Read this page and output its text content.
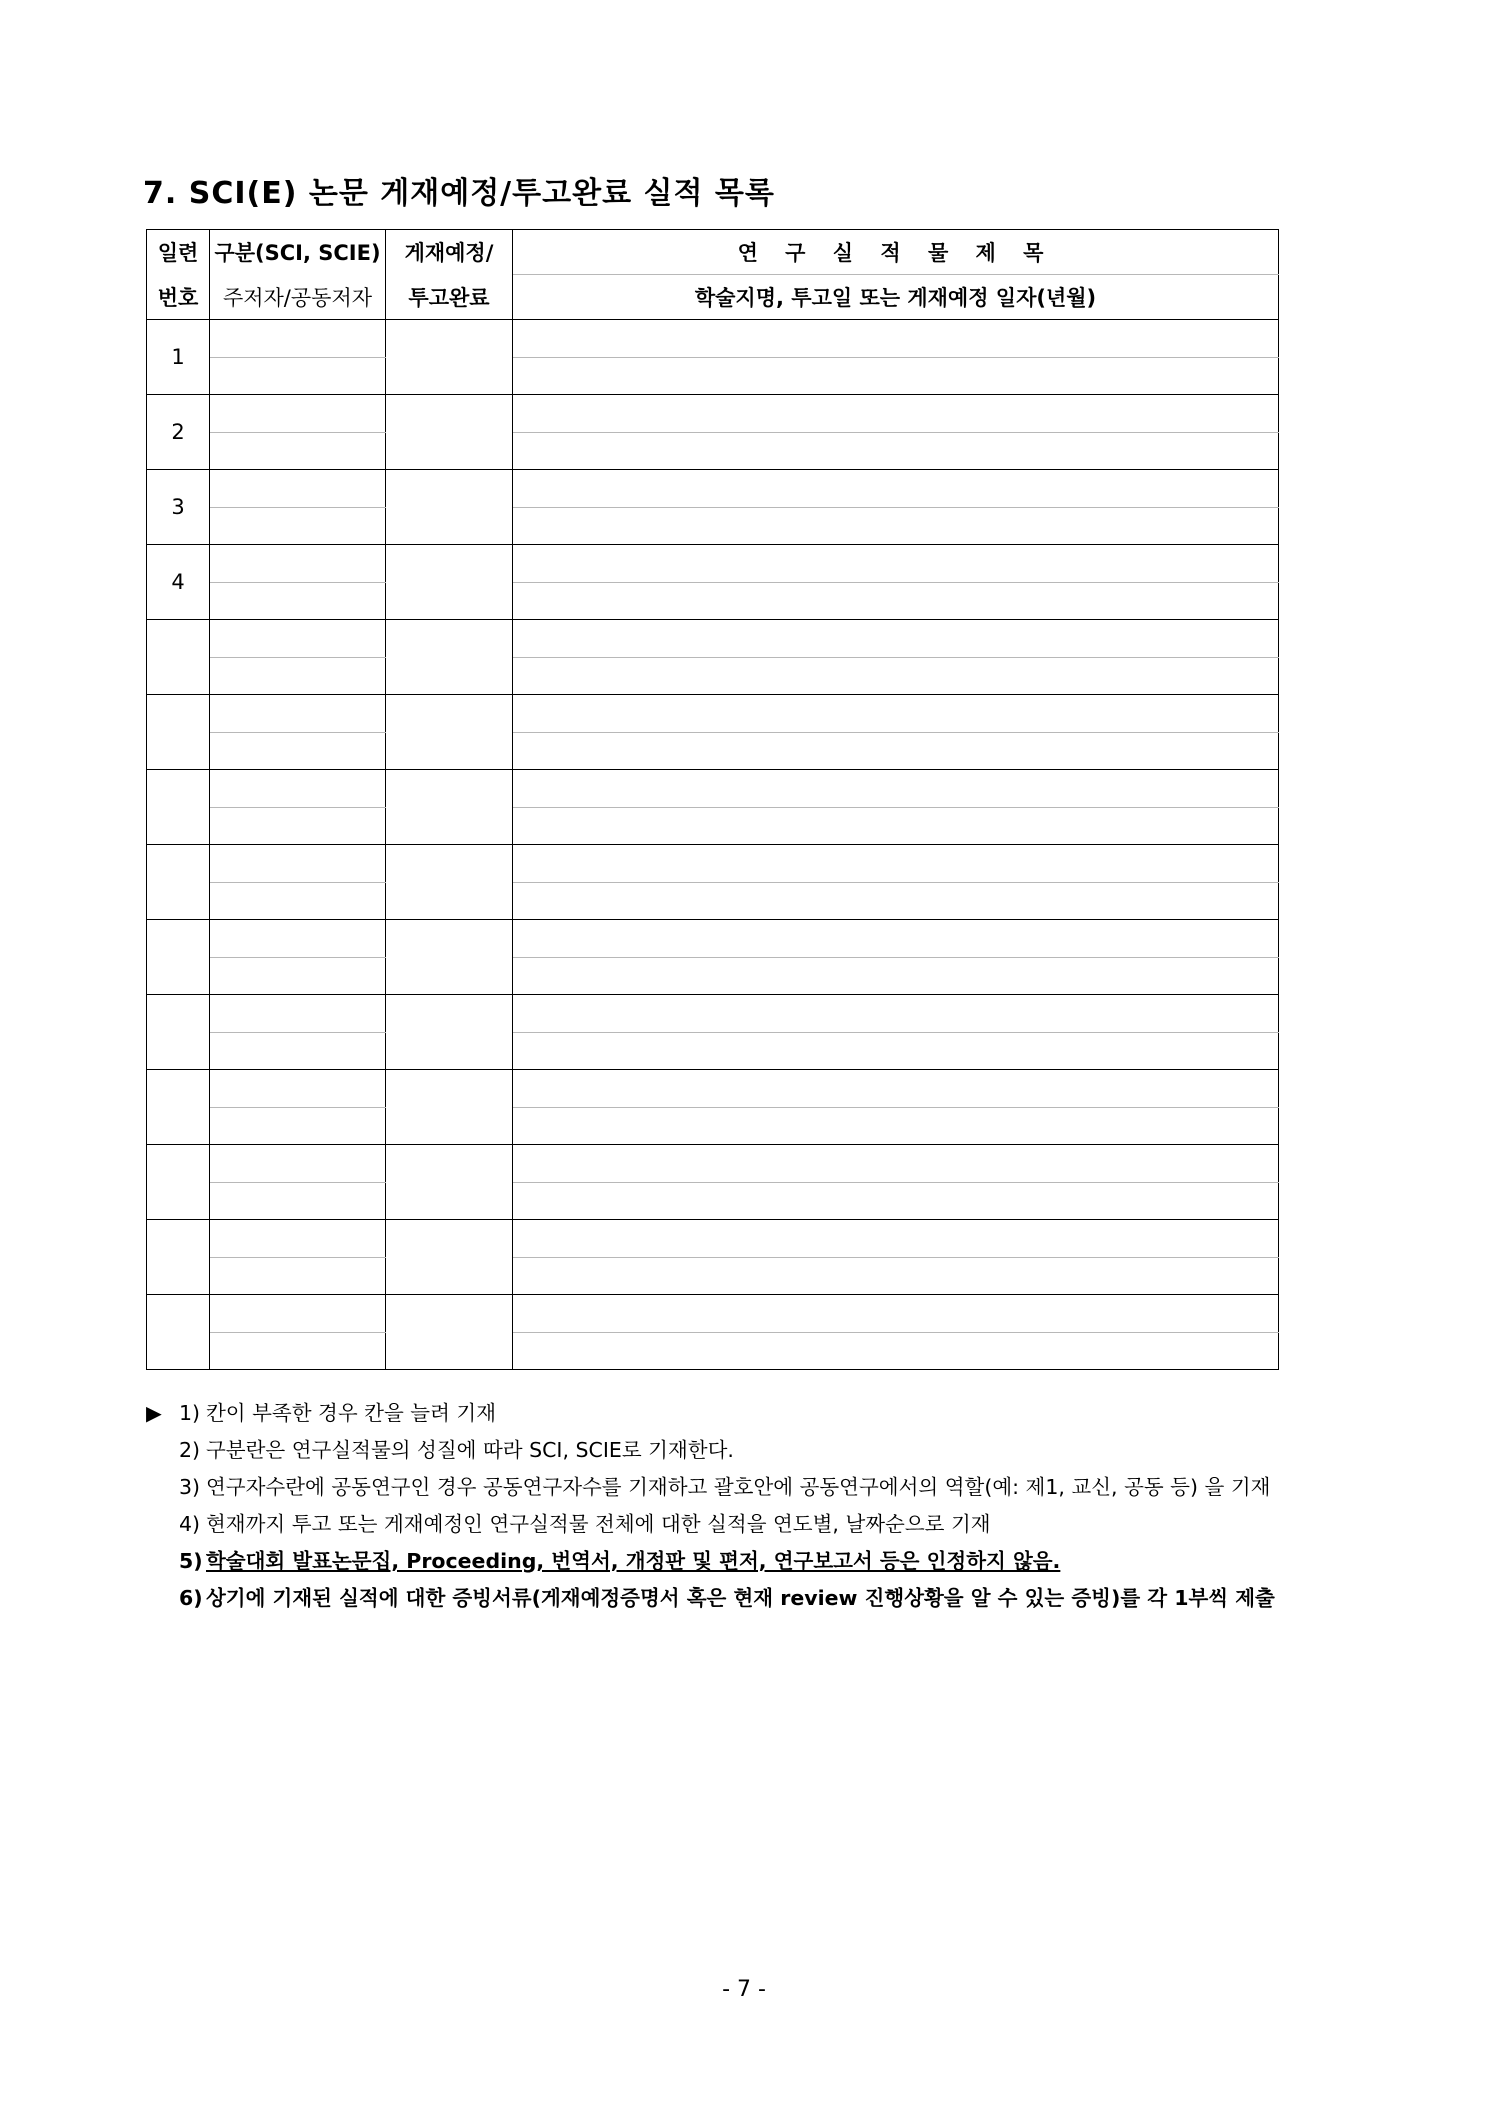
7. SCI(E) 논문 게재예정/투고완료 실적 목록
일련	구분(SCI, SCIE)	게재예정/	연 구 실 적 물 제 목
번호	주저자/공동저자	투고완료	학술지명, 투고일 또는 게재예정 일자(년월)
1			

2			

3			

4			

▶ 1) 칸이 부족한 경우 칸을 늘려 기재
2) 구분란은 연구실적물의 성질에 따라 SCI, SCIE로 기재한다.
3) 연구자수란에 공동연구인 경우 공동연구자수를 기재하고 괄호안에 공동연구에서의 역할(예: 제1, 교신, 공동 등) 을 기재
4) 현재까지 투고 또는 게재예정인 연구실적물 전체에 대한 실적을 연도별, 날짜순으로 기재
5) 학술대회 발표논문집, Proceeding, 번역서, 개정판 및 편저, 연구보고서 등은 인정하지 않음.
6) 상기에 기재된 실적에 대한 증빙서류(게재예정증명서 혹은 현재 review 진행상황을 알 수 있는 증빙)를 각 1부씩 제출
- 7 -
